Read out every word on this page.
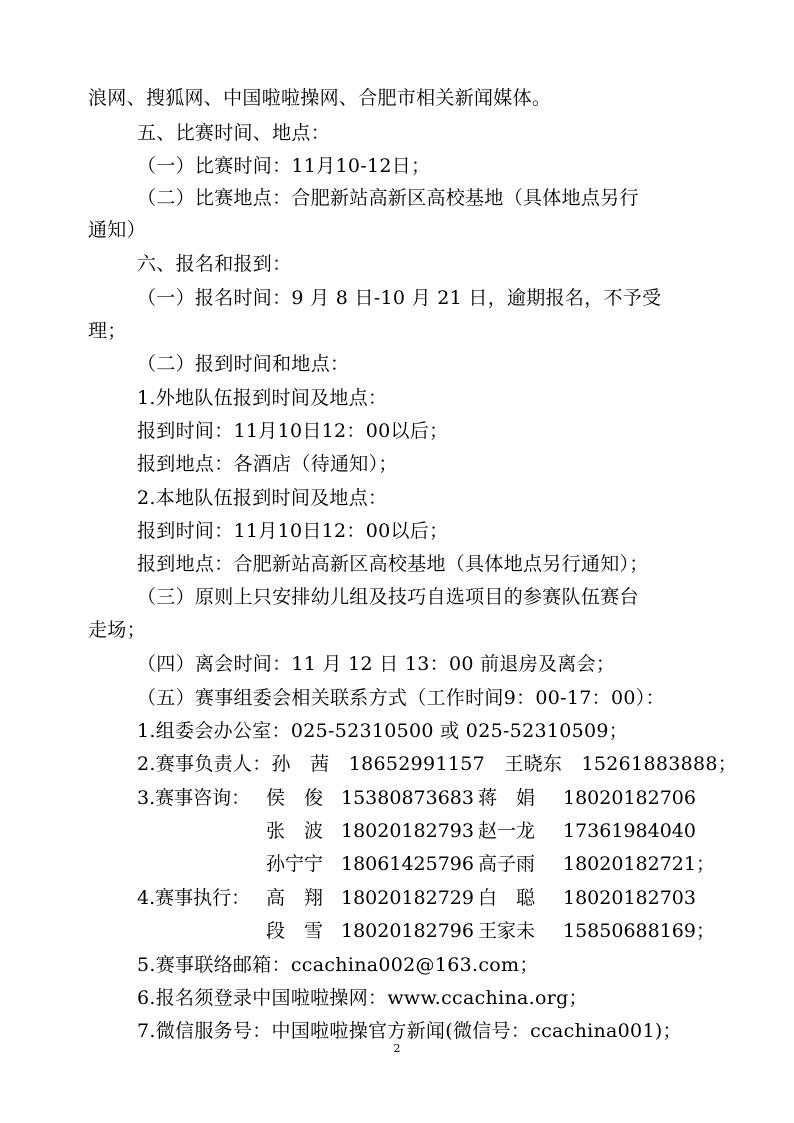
浪网、搜狐网、中国啦啦操网、合肥市相关新闻媒体。
五、比赛时间、地点：
（一）比赛时间：11月10-12日；
（二）比赛地点：合肥新站高新区高校基地（具体地点另行
通知）
六、报名和报到：
（一）报名时间：9 月 8 日-10 月 21 日，逾期报名，不予受
理；
（二）报到时间和地点：
1.外地队伍报到时间及地点：
报到时间：11月10日12：00以后；
报到地点：各酒店（待通知）；
2.本地队伍报到时间及地点：
报到时间：11月10日12：00以后；
报到地点：合肥新站高新区高校基地（具体地点另行通知）；
（三）原则上只安排幼儿组及技巧自选项目的参赛队伍赛台
走场；
（四）离会时间：11 月 12 日 13：00 前退房及离会；
（五）赛事组委会相关联系方式（工作时间9：00-17：00）：
1.组委会办公室：025-52310500 或 025-52310509；
2.赛事负责人：孙　茜　18652991157　王晓东　15261883888；
3.赛事咨询： 侯　俊 15380873683 蒋　娟 18020182706
张　波 18020182793 赵一龙 17361984040
孙宁宁 18061425796 高子雨 18020182721；
4.赛事执行： 高　翔 18020182729 白　聪 18020182703
段　雪 18020182796 王家未 15850688169；
5.赛事联络邮箱：ccachina002@163.com；
6.报名须登录中国啦啦操网：www.ccachina.org；
7.微信服务号：中国啦啦操官方新闻(微信号：ccachina001)；
2
